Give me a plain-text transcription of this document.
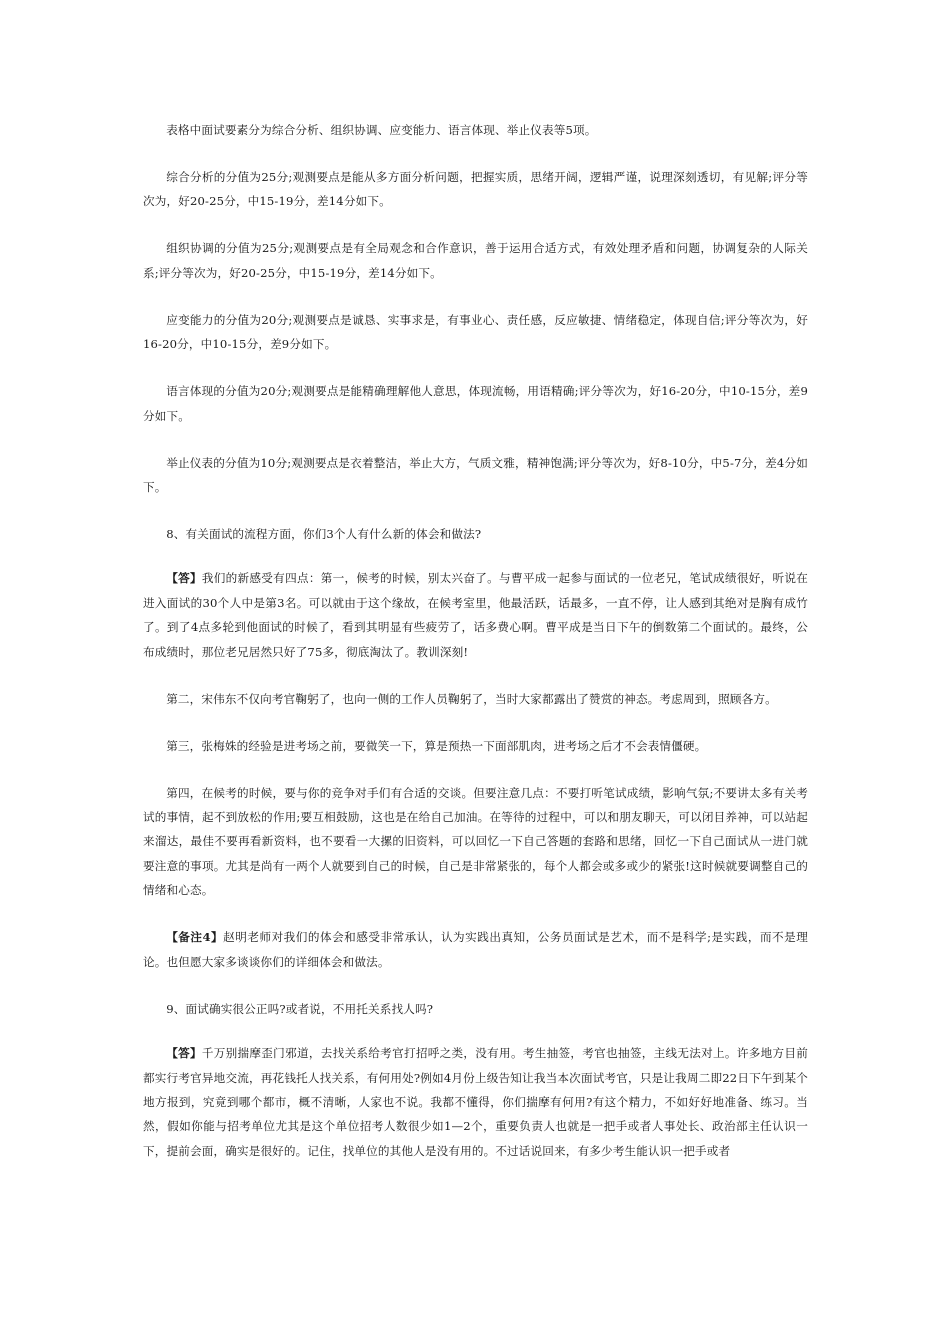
表格中面试要素分为综合分析、组织协调、应变能力、语言体现、举止仪表等5项。

综合分析的分值为25分;观测要点是能从多方面分析问题，把握实质，思绪开阔，逻辑严谨，说理深刻透切，有见解;评分等次为，好20-25分，中15-19分，差14分如下。

组织协调的分值为25分;观测要点是有全局观念和合作意识，善于运用合适方式，有效处理矛盾和问题，协调复杂的人际关系;评分等次为，好20-25分，中15-19分，差14分如下。

应变能力的分值为20分;观测要点是诚恳、实事求是，有事业心、责任感，反应敏捷、情绪稳定，体现自信;评分等次为，好16-20分，中10-15分，差9分如下。

语言体现的分值为20分;观测要点是能精确理解他人意思，体现流畅，用语精确;评分等次为，好16-20分，中10-15分，差9分如下。

举止仪表的分值为10分;观测要点是衣着整洁，举止大方，气质文雅，精神饱满;评分等次为，好8-10分，中5-7分，差4分如下。

8、有关面试的流程方面，你们3个人有什么新的体会和做法?

【答】我们的新感受有四点：第一，候考的时候，别太兴奋了。与曹平成一起参与面试的一位老兄，笔试成绩很好，听说在进入面试的30个人中是第3名。可以就由于这个缘故，在候考室里，他最活跃，话最多，一直不停，让人感到其绝对是胸有成竹了。到了4点多轮到他面试的时候了，看到其明显有些疲劳了，话多费心啊。曹平成是当日下午的倒数第二个面试的。最终，公布成绩时，那位老兄居然只好了75多，彻底淘汰了。教训深刻!

第二，宋伟东不仅向考官鞠躬了，也向一侧的工作人员鞠躬了，当时大家都露出了赞赏的神态。考虑周到，照顾各方。

第三，张梅姝的经验是进考场之前，要微笑一下，算是预热一下面部肌肉，进考场之后才不会表情僵硬。

第四，在候考的时候，要与你的竞争对手们有合适的交谈。但要注意几点：不要打听笔试成绩，影响气氛;不要讲太多有关考试的事情，起不到放松的作用;要互相鼓励，这也是在给自己加油。在等待的过程中，可以和朋友聊天，可以闭目养神，可以站起来溜达，最佳不要再看新资料，也不要看一大摞的旧资料，可以回忆一下自己答题的套路和思绪，回忆一下自己面试从一进门就要注意的事项。尤其是尚有一两个人就要到自己的时候，自己是非常紧张的，每个人都会或多或少的紧张!这时候就要调整自己的情绪和心态。

【备注4】赵明老师对我们的体会和感受非常承认，认为实践出真知，公务员面试是艺术，而不是科学;是实践，而不是理论。也但愿大家多谈谈你们的详细体会和做法。

9、面试确实很公正吗?或者说，不用托关系找人吗?

【答】千万别揣摩歪门邪道，去找关系给考官打招呼之类，没有用。考生抽签，考官也抽签，主线无法对上。许多地方目前都实行考官异地交流，再花钱托人找关系，有何用处?例如4月份上级告知让我当本次面试考官，只是让我周二即22日下午到某个地方报到，究竟到哪个都市，概不清晰，人家也不说。我都不懂得，你们揣摩有何用?有这个精力，不如好好地准备、练习。当然，假如你能与招考单位尤其是这个单位招考人数很少如1—2个，重要负责人也就是一把手或者人事处长、政治部主任认识一下，提前会面，确实是很好的。记住，找单位的其他人是没有用的。不过话说回来，有多少考生能认识一把手或者
